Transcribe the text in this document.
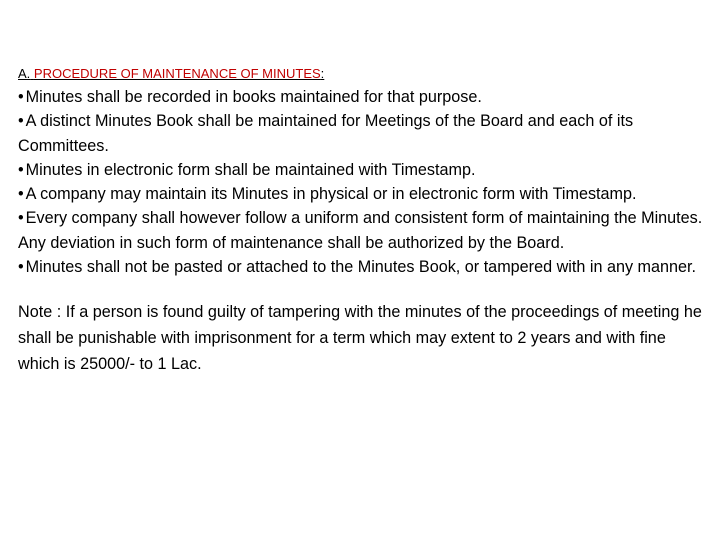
A. PROCEDURE OF MAINTENANCE OF MINUTES:

• Minutes shall be recorded in books maintained for that purpose.
• A distinct Minutes Book shall be maintained for Meetings of the Board and each of its Committees.
• Minutes in electronic form shall be maintained with Timestamp.
• A company may maintain its Minutes in physical or in electronic form with Timestamp.
• Every company shall however follow a uniform and consistent form of maintaining the Minutes. Any deviation in such form of maintenance shall be authorized by the Board.
• Minutes shall not be pasted or attached to the Minutes Book, or tampered with in any manner.

Note : If a person is found guilty of tampering with the minutes of the proceedings of meeting he shall be punishable with imprisonment for a term which may extent to 2 years and with fine which is 25000/- to 1 Lac.
